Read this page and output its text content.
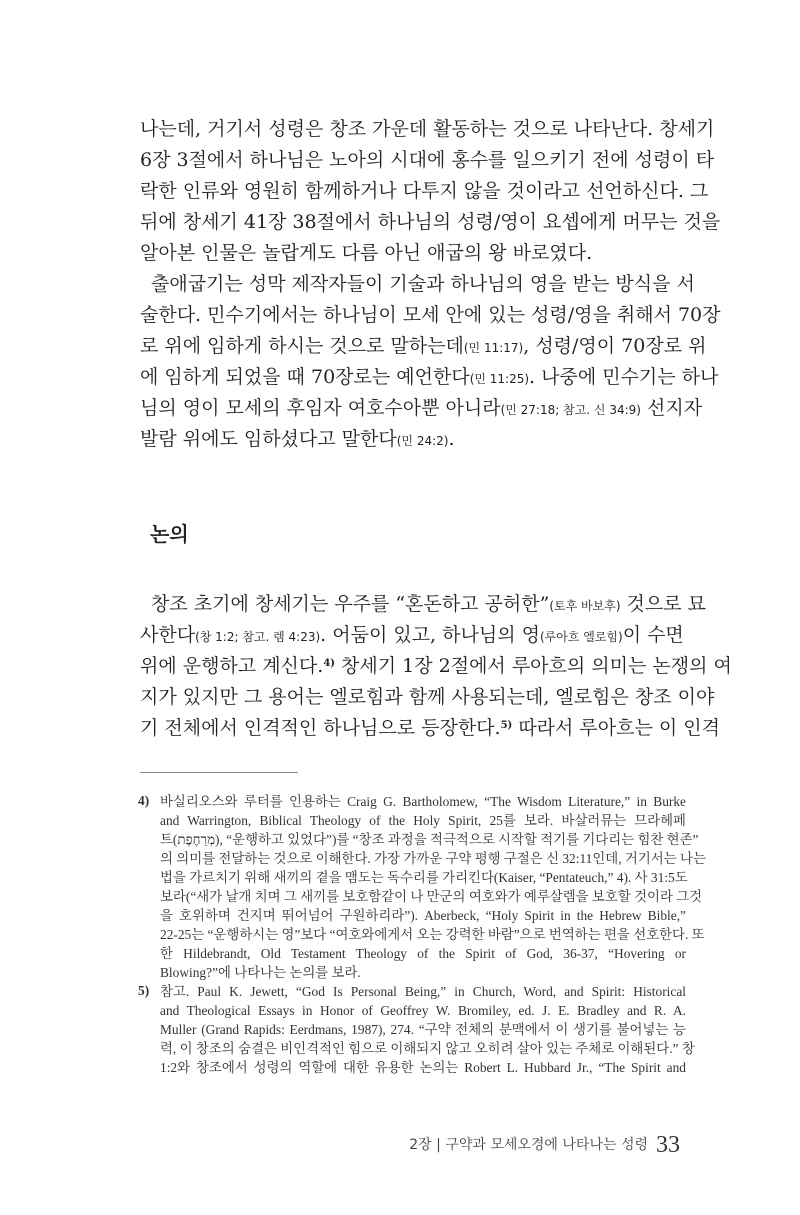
나는데, 거기서 성령은 창조 가운데 활동하는 것으로 나타난다. 창세기
6장 3절에서 하나님은 노아의 시대에 홍수를 일으키기 전에 성령이 타
락한 인류와 영원히 함께하거나 다투지 않을 것이라고 선언하신다. 그
뒤에 창세기 41장 38절에서 하나님의 성령/영이 요셉에게 머무는 것을
알아본 인물은 놀랍게도 다름 아닌 애굽의 왕 바로였다.
출애굽기는 성막 제작자들이 기술과 하나님의 영을 받는 방식을 서
술한다. 민수기에서는 하나님이 모세 안에 있는 성령/영을 취해서 70장
로 위에 임하게 하시는 것으로 말하는데(민 11:17), 성령/영이 70장로 위
에 임하게 되었을 때 70장로는 예언한다(민 11:25). 나중에 민수기는 하나
님의 영이 모세의 후임자 여호수아뿐 아니라(민 27:18; 참고. 신 34:9) 선지자
발람 위에도 임하셨다고 말한다(민 24:2).
논의
창조 초기에 창세기는 우주를 “혼돈하고 공허한”(토후 바보후) 것으로 묘
사한다(창 1:2; 참고. 렘 4:23). 어둠이 있고, 하나님의 영(루아흐 엘로힘)이 수면
위에 운행하고 계신다.$^{4)}$ 창세기 1장 2절에서 루아흐의 의미는 논쟁의 여
지가 있지만 그 용어는 엘로힘과 함께 사용되는데, 엘로힘은 창조 이야
기 전체에서 인격적인 하나님으로 등장한다.$^{5)}$ 따라서 루아흐는 이 인격
4) 바실리오스와 루터를 인용하는 Craig G. Bartholomew, “The Wisdom Literature,” in Burke
and Warrington, Biblical Theology of the Holy Spirit, 25를 보라. 바살러뮤는 므라헤페
트(מְרַחֶפֶת), “운행하고 있었다”)를 “창조 과정을 적극적으로 시작할 적기를 기다리는 힘찬 현존”
의 의미를 전달하는 것으로 이해한다. 가장 가까운 구약 평행 구절은 신 32:11인데, 거기서는 나는
법을 가르치기 위해 새끼의 곁을 맴도는 독수리를 가리킨다(Kaiser, “Pentateuch,” 4). 사 31:5도
보라(“새가 날개 치며 그 새끼를 보호함같이 나 만군의 여호와가 예루살렘을 보호할 것이라 그것
을 호위하며 건지며 뛰어넘어 구원하리라”). Aberbeck, “Holy Spirit in the Hebrew Bible,”
22-25는 “운행하시는 영”보다 “여호와에게서 오는 강력한 바람”으로 번역하는 편을 선호한다. 또
한 Hildebrandt, Old Testament Theology of the Spirit of God, 36-37, “Hovering or
Blowing?”에 나타나는 논의를 보라.
5) 참고. Paul K. Jewett, “God Is Personal Being,” in Church, Word, and Spirit: Historical
and Theological Essays in Honor of Geoffrey W. Bromiley, ed. J. E. Bradley and R. A.
Muller (Grand Rapids: Eerdmans, 1987), 274. “구약 전체의 분맥에서 이 생기를 불어넣는 능
력, 이 창조의 숨결은 비인격적인 힘으로 이해되지 않고 오히려 살아 있는 주체로 이해된다.” 창
1:2와 창조에서 성령의 역할에 대한 유용한 논의는 Robert L. Hubbard Jr., “The Spirit and
2장 | 구약과 모세오경에 나타나는 성령 33
